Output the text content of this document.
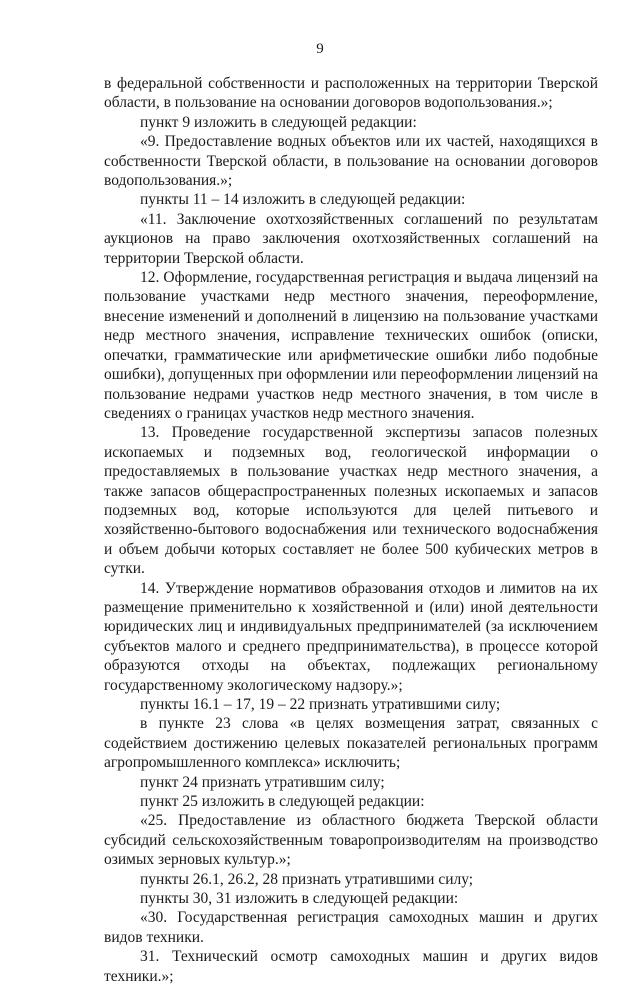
9

в федеральной собственности и расположенных на территории Тверской области, в пользование на основании договоров водопользования.»;

пункт 9 изложить в следующей редакции:

«9. Предоставление водных объектов или их частей, находящихся в собственности Тверской области, в пользование на основании договоров водопользования.»;

пункты 11 – 14 изложить в следующей редакции:

«11. Заключение охотхозяйственных соглашений по результатам аукционов на право заключения охотхозяйственных соглашений на территории Тверской области.

12. Оформление, государственная регистрация и выдача лицензий на пользование участками недр местного значения, переоформление, внесение изменений и дополнений в лицензию на пользование участками недр местного значения, исправление технических ошибок (описки, опечатки, грамматические или арифметические ошибки либо подобные ошибки), допущенных при оформлении или переоформлении лицензий на пользование недрами участков недр местного значения, в том числе в сведениях о границах участков недр местного значения.

13. Проведение государственной экспертизы запасов полезных ископаемых и подземных вод, геологической информации о предоставляемых в пользование участках недр местного значения, а также запасов общераспространенных полезных ископаемых и запасов подземных вод, которые используются для целей питьевого и хозяйственно-бытового водоснабжения или технического водоснабжения и объем добычи которых составляет не более 500 кубических метров в сутки.

14. Утверждение нормативов образования отходов и лимитов на их размещение применительно к хозяйственной и (или) иной деятельности юридических лиц и индивидуальных предпринимателей (за исключением субъектов малого и среднего предпринимательства), в процессе которой образуются отходы на объектах, подлежащих региональному государственному экологическому надзору.»;

пункты 16.1 – 17, 19 – 22 признать утратившими силу;

в пункте 23 слова «в целях возмещения затрат, связанных с содействием достижению целевых показателей региональных программ агропромышленного комплекса» исключить;

пункт 24 признать утратившим силу;

пункт 25 изложить в следующей редакции:

«25. Предоставление из областного бюджета Тверской области субсидий сельскохозяйственным товаропроизводителям на производство озимых зерновых культур.»;

пункты 26.1, 26.2, 28 признать утратившими силу;

пункты 30, 31 изложить в следующей редакции:

«30. Государственная регистрация самоходных машин и других видов техники.

31. Технический осмотр самоходных машин и других видов техники.»;
